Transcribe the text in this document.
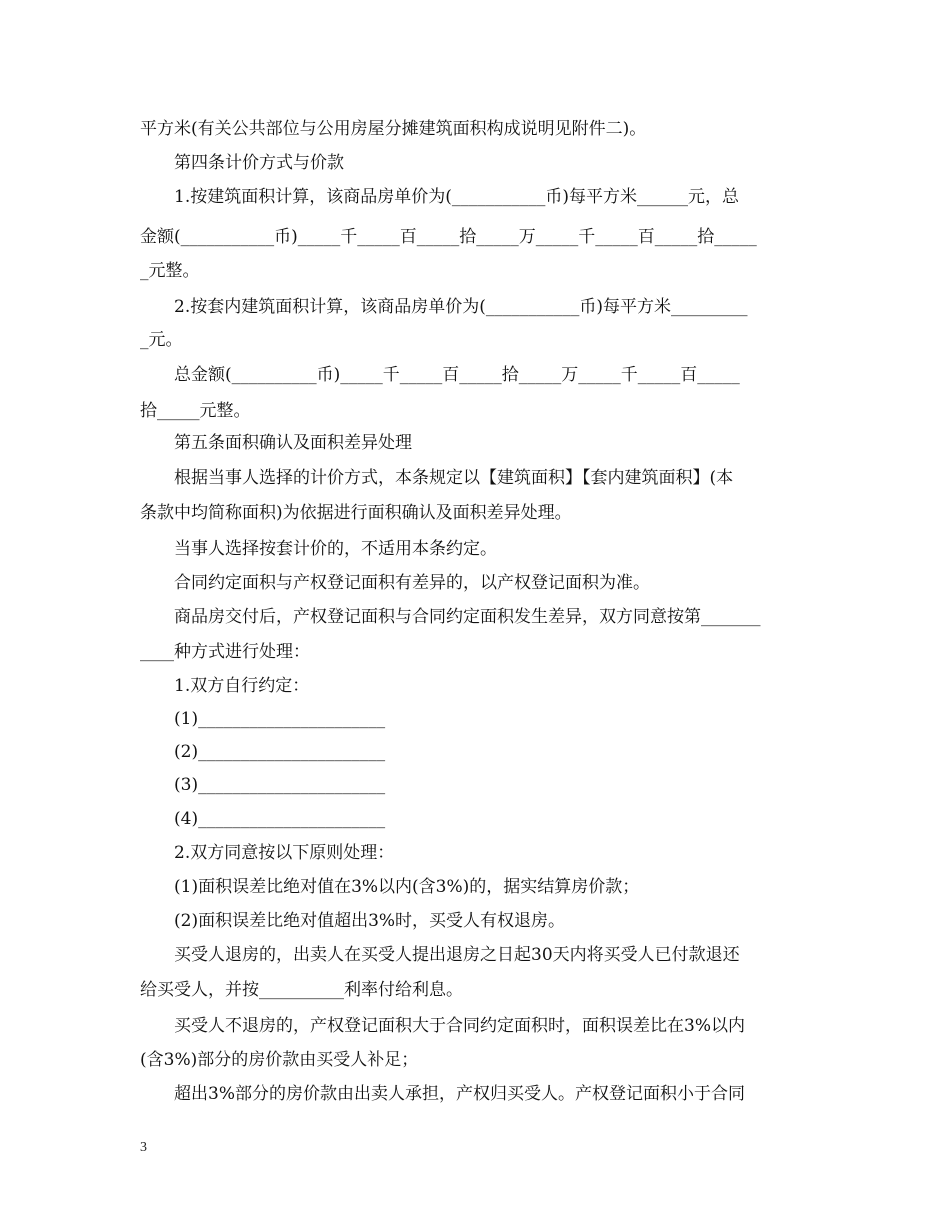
平方米(有关公共部位与公用房屋分摊建筑面积构成说明见附件二)。
第四条计价方式与价款
1.按建筑面积计算，该商品房单价为(___________币)每平方米______元，总
金额(___________币)_____千_____百_____拾_____万_____千_____百_____拾_____
_元整。
2.按套内建筑面积计算，该商品房单价为(___________币)每平方米_________
_元。
总金额(__________币)_____千_____百_____拾_____万_____千_____百_____
拾_____元整。
第五条面积确认及面积差异处理
根据当事人选择的计价方式，本条规定以【建筑面积】【套内建筑面积】(本
条款中均简称面积)为依据进行面积确认及面积差异处理。
当事人选择按套计价的，不适用本条约定。
合同约定面积与产权登记面积有差异的，以产权登记面积为准。
商品房交付后，产权登记面积与合同约定面积发生差异，双方同意按第_______
____种方式进行处理：
1.双方自行约定：
(1)______________________
(2)______________________
(3)______________________
(4)______________________
2.双方同意按以下原则处理：
(1)面积误差比绝对值在3%以内(含3%)的，据实结算房价款；
(2)面积误差比绝对值超出3%时，买受人有权退房。
买受人退房的，出卖人在买受人提出退房之日起30天内将买受人已付款退还
给买受人，并按__________利率付给利息。
买受人不退房的，产权登记面积大于合同约定面积时，面积误差比在3%以内
(含3%)部分的房价款由买受人补足；
超出3%部分的房价款由出卖人承担，产权归买受人。产权登记面积小于合同
3
